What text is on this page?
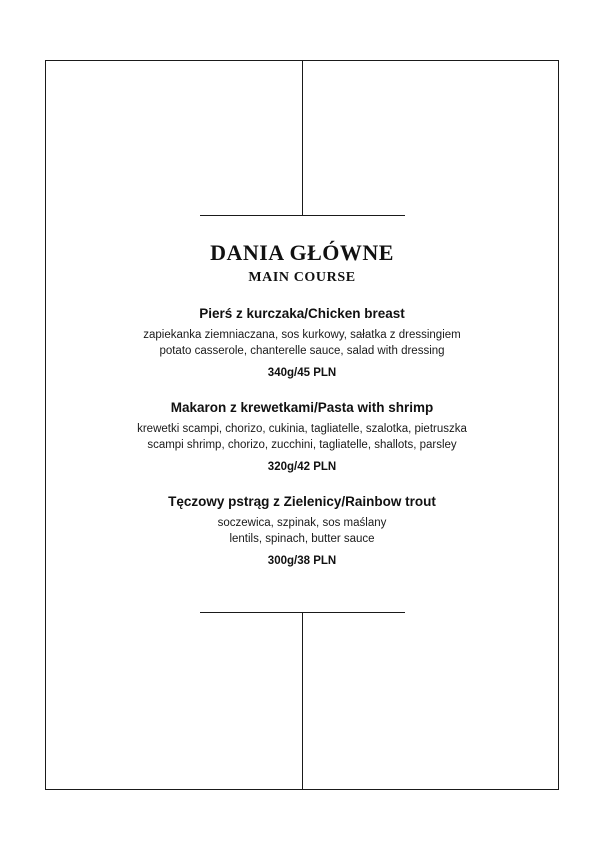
DANIA GŁÓWNE
MAIN COURSE

Pierś z kurczaka/Chicken breast

zapiekanka ziemniaczana, sos kurkowy, sałatka z dressingiem

potato casserole, chanterelle sauce, salad with dressing

340g/45 PLN

Makaron z krewetkami/Pasta with shrimp

krewetki scampi, chorizo, cukinia, tagliatelle, szalotka, pietruszka

scampi shrimp, chorizo, zucchini, tagliatelle, shallots, parsley

320g/42 PLN

Tęczowy pstrąg z Zielenicy/Rainbow trout

soczewica, szpinak, sos maślany

lentils, spinach, butter sauce

300g/38 PLN
